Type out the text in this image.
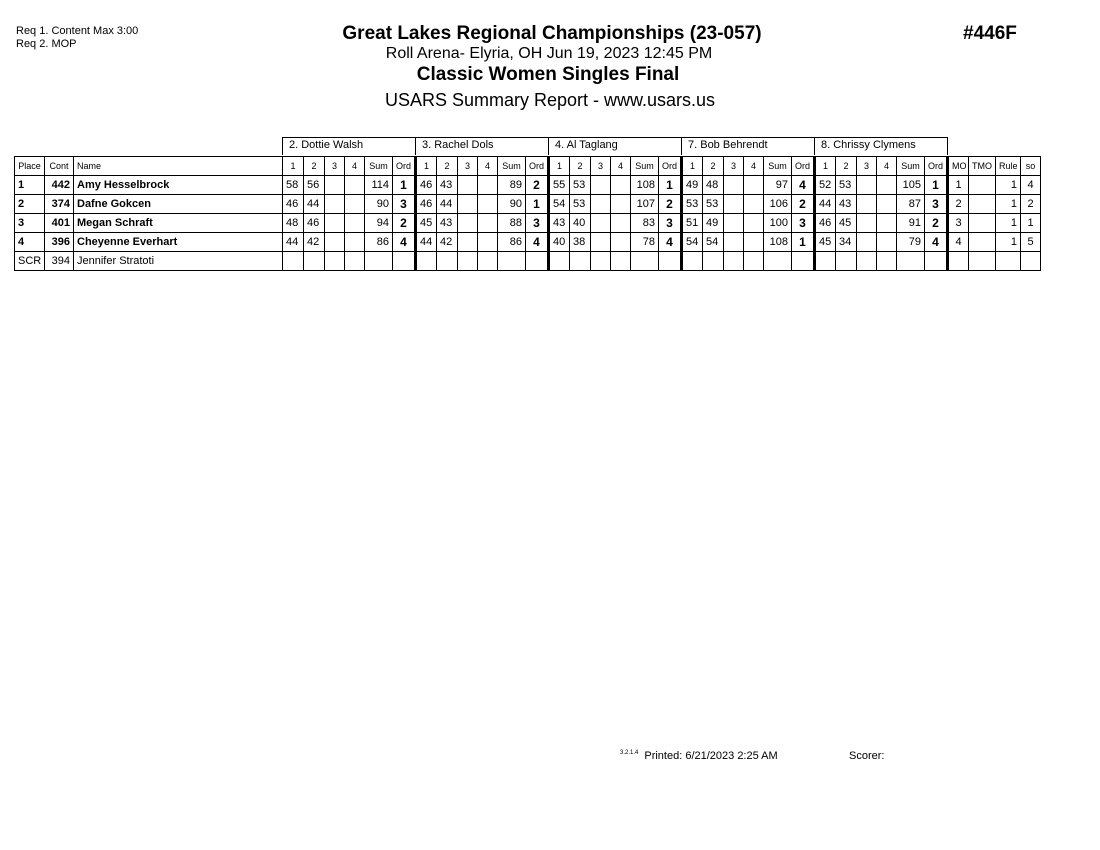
Req 1. Content Max 3:00
Req 2. MOP	Great Lakes Regional Championships (23-057)
Roll Arena- Elyria, OH Jun 19, 2023 12:45 PM
Classic Women Singles Final
USARS Summary Report - www.usars.us
#446F
2. Dottie Walsh	3. Rachel Dols	4. Al Taglang	7. Bob Behrendt	8. Chrissy Clymens
Place	Cont	Name	1	2	3	4	Sum	Ord	1	2	3	4	Sum	Ord	1	2	3	4	Sum	Ord	1	2	3	4	Sum	Ord	1	2	3	4	Sum	Ord	MO	TMO	Rule	so
1	442	Amy Hesselbrock	58	56			114	1	46	43			89	2	55	53			108	1	49	48			97	4	52	53			105	1	1		1	4
2	374	Dafne Gokcen	46	44			90	3	46	44			90	1	54	53			107	2	53	53			106	2	44	43			87	3	2		1	2
3	401	Megan Schraft	48	46			94	2	45	43			88	3	43	40			83	3	51	49			100	3	46	45			91	2	3		1	1
4	396	Cheyenne Everhart	44	42			86	4	44	42			86	4	40	38			78	4	54	54			108	1	45	34			79	4	4		1	5
SCR	394	Jennifer Stratoti																																		
$^{3.2.1.4}$ Printed: 6/21/2023 2:25 AM	Scorer:
